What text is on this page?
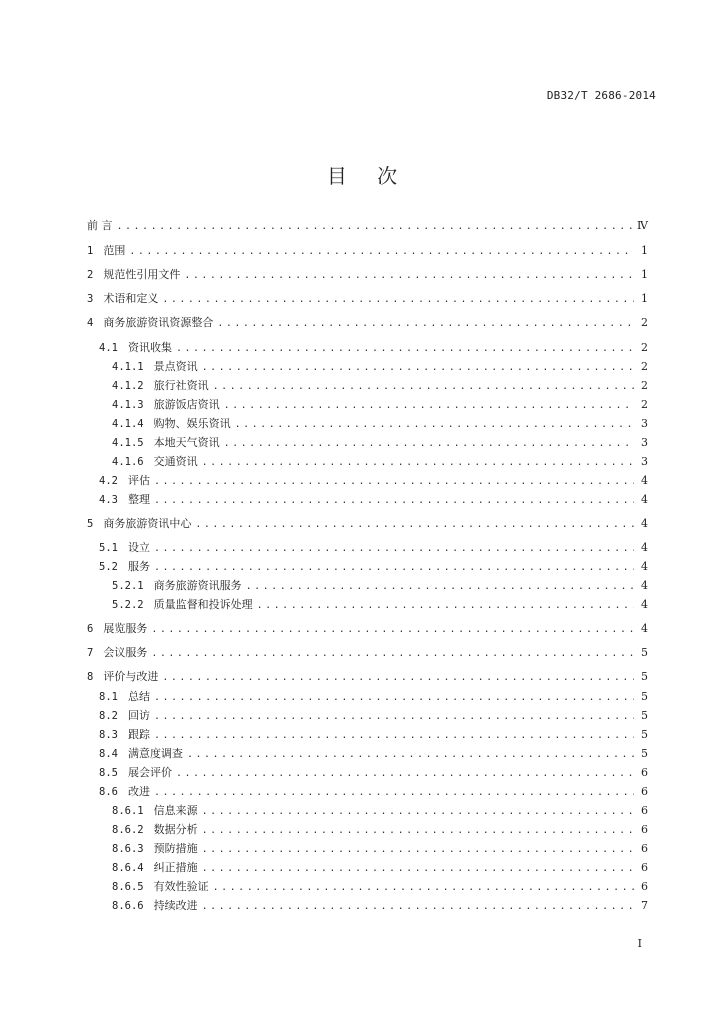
DB32/T 2686-2014
目 次
前 言 .....	Ⅳ
1 范围 .....	1
2 规范性引用文件 .....	1
3 术语和定义 .....	1
4 商务旅游资讯资源整合 .....	2
4.1 资讯收集 .....	2
4.1.1 景点资讯 .....	2
4.1.2 旅行社资讯 .....	2
4.1.3 旅游饭店资讯 .....	2
4.1.4 购物、娱乐资讯 .....	3
4.1.5 本地天气资讯 .....	3
4.1.6 交通资讯 .....	3
4.2 评估 .....	4
4.3 整理 .....	4
5 商务旅游资讯中心 .....	4
5.1 设立 .....	4
5.2 服务 .....	4
5.2.1 商务旅游资讯服务 .....	4
5.2.2 质量监督和投诉处理 .....	4
6 展览服务 .....	4
7 会议服务 .....	5
8 评价与改进 .....	5
8.1 总结 .....	5
8.2 回访 .....	5
8.3 跟踪 .....	5
8.4 满意度调查 .....	5
8.5 展会评价 .....	6
8.6 改进 .....	6
8.6.1 信息来源 .....	6
8.6.2 数据分析 .....	6
8.6.3 预防措施 .....	6
8.6.4 纠正措施 .....	6
8.6.5 有效性验证 .....	6
8.6.6 持续改进 .....	7
I
